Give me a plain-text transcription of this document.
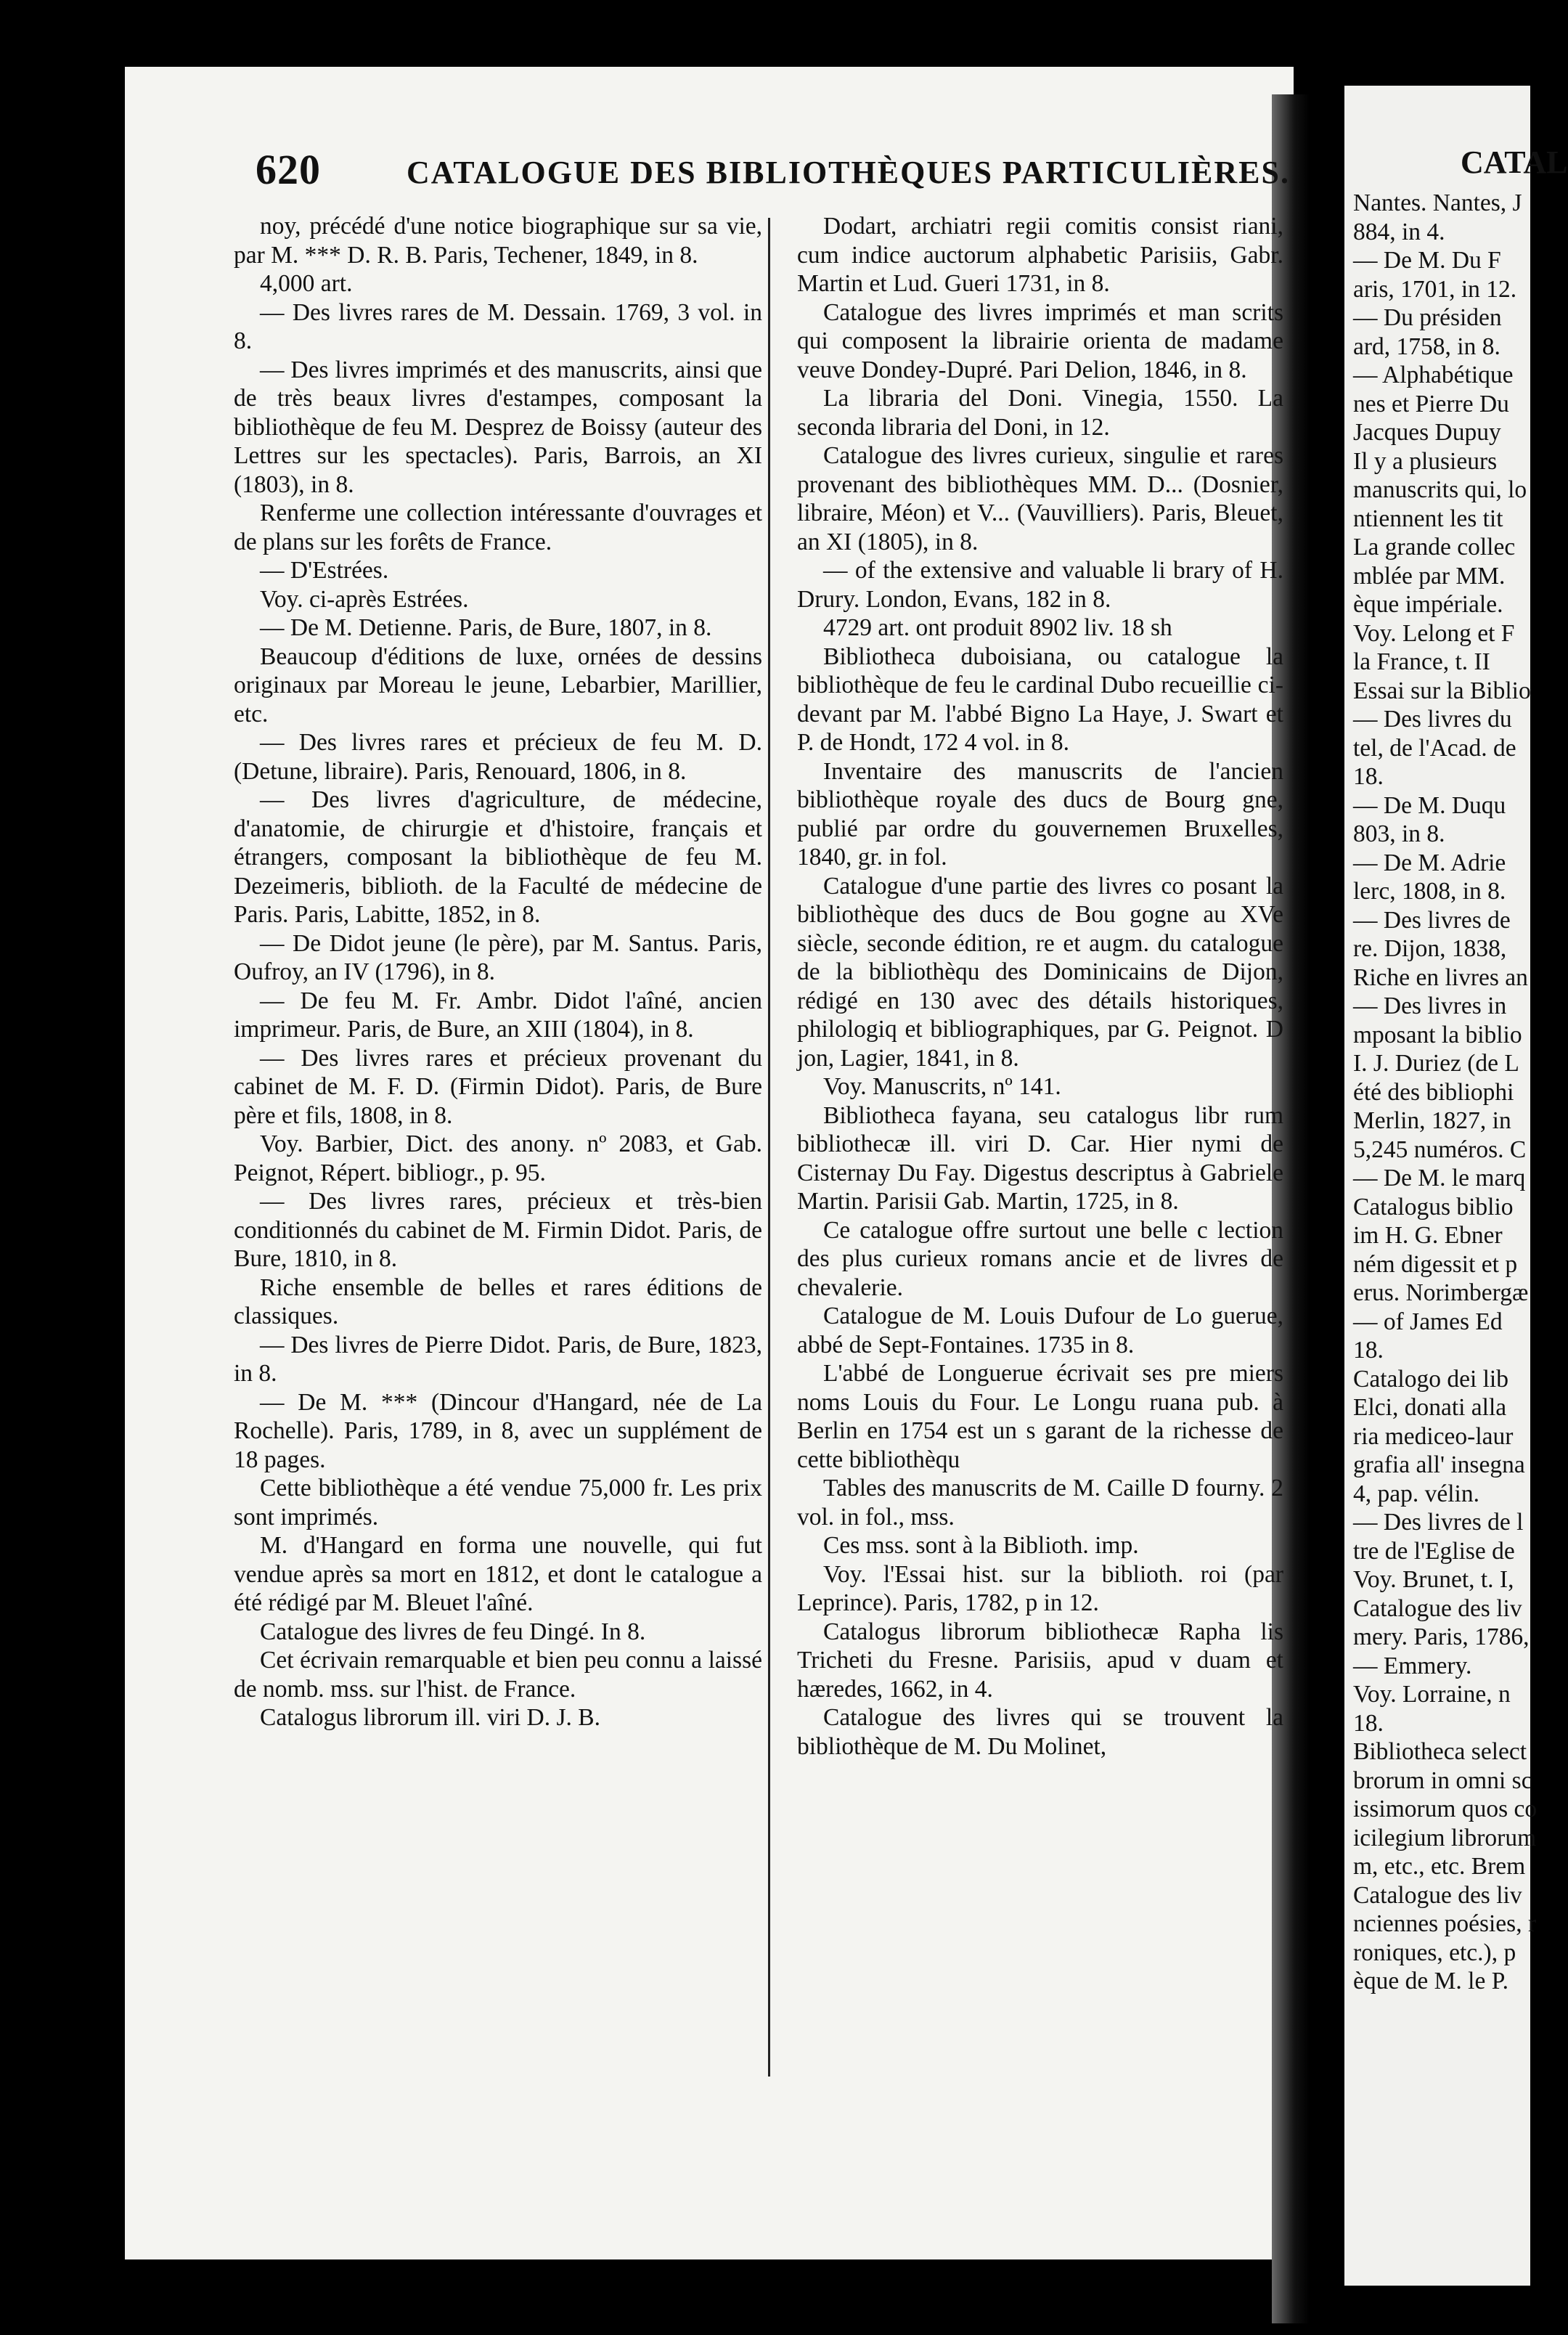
CATAL
Nantes. Nantes, J
884, in 4.
— De M. Du F
aris, 1701, in 12.
— Du présiden
ard, 1758, in 8.
— Alphabétique
nes et Pierre Du
Jacques Dupuy
Il y a plusieurs
manuscrits qui, lo
ntiennent les tit
La grande collec
mblée par MM.
èque impériale.
Voy. Lelong et F
la France, t. II
Essai sur la Biblio
— Des livres du
tel, de l'Acad. de
18.
— De M. Duqu
803, in 8.
— De M. Adrie
lerc, 1808, in 8.
— Des livres de
re. Dijon, 1838,
Riche en livres an
— Des livres in
mposant la biblio
I. J. Duriez (de L
été des bibliophi
Merlin, 1827, in
5,245 numéros. C
— De M. le marq
Catalogus biblio
im H. G. Ebner
ném digessit et p
erus. Norimbergæ
— of James Ed
18.
Catalogo dei lib
Elci, donati alla
ria mediceo-laur
grafia all' insegna
4, pap. vélin.
— Des livres de l
tre de l'Eglise de
Voy. Brunet, t. I,
Catalogue des liv
mery. Paris, 1786,
— Emmery.
Voy. Lorraine, n
18.
Bibliotheca select
brorum in omni sc
issimorum quos co
icilegium librorum
m, etc., etc. Brem
Catalogue des liv
nciennes poésies, r
roniques, etc.), p
èque de M. le P.
620	CATALOGUE DES BIBLIOTHÈQUES PARTICULIÈRES.

noy, précédé d'une notice biographique sur sa vie, par M. *** D. R. B. Paris, Techener, 1849, in 8.

4,000 art.

— Des livres rares de M. Dessain. 1769, 3 vol. in 8.

— Des livres imprimés et des manuscrits, ainsi que de très beaux livres d'estampes, composant la bibliothèque de feu M. Desprez de Boissy (auteur des Lettres sur les spectacles). Paris, Barrois, an XI (1803), in 8.

Renferme une collection intéressante d'ouvrages et de plans sur les forêts de France.

— D'Estrées.

Voy. ci-après Estrées.

— De M. Detienne. Paris, de Bure, 1807, in 8.

Beaucoup d'éditions de luxe, ornées de dessins originaux par Moreau le jeune, Lebarbier, Marillier, etc.

— Des livres rares et précieux de feu M. D. (Detune, libraire). Paris, Renouard, 1806, in 8.

— Des livres d'agriculture, de médecine, d'anatomie, de chirurgie et d'histoire, français et étrangers, composant la bibliothèque de feu M. Dezeimeris, biblioth. de la Faculté de médecine de Paris. Paris, Labitte, 1852, in 8.

— De Didot jeune (le père), par M. Santus. Paris, Oufroy, an IV (1796), in 8.

— De feu M. Fr. Ambr. Didot l'aîné, ancien imprimeur. Paris, de Bure, an XIII (1804), in 8.

— Des livres rares et précieux provenant du cabinet de M. F. D. (Firmin Didot). Paris, de Bure père et fils, 1808, in 8.

Voy. Barbier, Dict. des anony. nº 2083, et Gab. Peignot, Répert. bibliogr., p. 95.

— Des livres rares, précieux et très-bien conditionnés du cabinet de M. Firmin Didot. Paris, de Bure, 1810, in 8.

Riche ensemble de belles et rares éditions de classiques.

— Des livres de Pierre Didot. Paris, de Bure, 1823, in 8.

— De M. *** (Dincour d'Hangard, née de La Rochelle). Paris, 1789, in 8, avec un supplément de 18 pages.

Cette bibliothèque a été vendue 75,000 fr. Les prix sont imprimés.

M. d'Hangard en forma une nouvelle, qui fut vendue après sa mort en 1812, et dont le catalogue a été rédigé par M. Bleuet l'aîné.

Catalogue des livres de feu Dingé. In 8.

Cet écrivain remarquable et bien peu connu a laissé de nomb. mss. sur l'hist. de France.

Catalogus librorum ill. viri D. J. B.

Dodart, archiatri regii comitis consist riani, cum indice auctorum alphabetic Parisiis, Gabr. Martin et Lud. Gueri 1731, in 8.

Catalogue des livres imprimés et man scrits qui composent la librairie orienta de madame veuve Dondey-Dupré. Pari Delion, 1846, in 8.

La libraria del Doni. Vinegia, 1550. La seconda libraria del Doni, in 12.

Catalogue des livres curieux, singulie et rares provenant des bibliothèques MM. D... (Dosnier, libraire, Méon) et V... (Vauvilliers). Paris, Bleuet, an XI (1805), in 8.

— of the extensive and valuable li brary of H. Drury. London, Evans, 182 in 8.

4729 art. ont produit 8902 liv. 18 sh

Bibliotheca duboisiana, ou catalogue la bibliothèque de feu le cardinal Dubo recueillie ci-devant par M. l'abbé Bigno La Haye, J. Swart et P. de Hondt, 172 4 vol. in 8.

Inventaire des manuscrits de l'ancien bibliothèque royale des ducs de Bourg gne, publié par ordre du gouvernemen Bruxelles, 1840, gr. in fol.

Catalogue d'une partie des livres co posant la bibliothèque des ducs de Bou gogne au XVe siècle, seconde édition, re et augm. du catalogue de la bibliothèqu des Dominicains de Dijon, rédigé en 130 avec des détails historiques, philologiq et bibliographiques, par G. Peignot. D jon, Lagier, 1841, in 8.

Voy. Manuscrits, nº 141.

Bibliotheca fayana, seu catalogus libr rum bibliothecæ ill. viri D. Car. Hier nymi de Cisternay Du Fay. Digestus descriptus à Gabriele Martin. Parisii Gab. Martin, 1725, in 8.

Ce catalogue offre surtout une belle c lection des plus curieux romans ancie et de livres de chevalerie.

Catalogue de M. Louis Dufour de Lo guerue, abbé de Sept-Fontaines. 1735 in 8.

L'abbé de Longuerue écrivait ses pre miers noms Louis du Four. Le Longu ruana pub. à Berlin en 1754 est un s garant de la richesse de cette bibliothèqu

Tables des manuscrits de M. Caille D fourny. 2 vol. in fol., mss.

Ces mss. sont à la Biblioth. imp.

Voy. l'Essai hist. sur la biblioth. roi (par Leprince). Paris, 1782, p in 12.

Catalogus librorum bibliothecæ Rapha lis Tricheti du Fresne. Parisiis, apud v duam et hæredes, 1662, in 4.

Catalogue des livres qui se trouvent la bibliothèque de M. Du Molinet,
